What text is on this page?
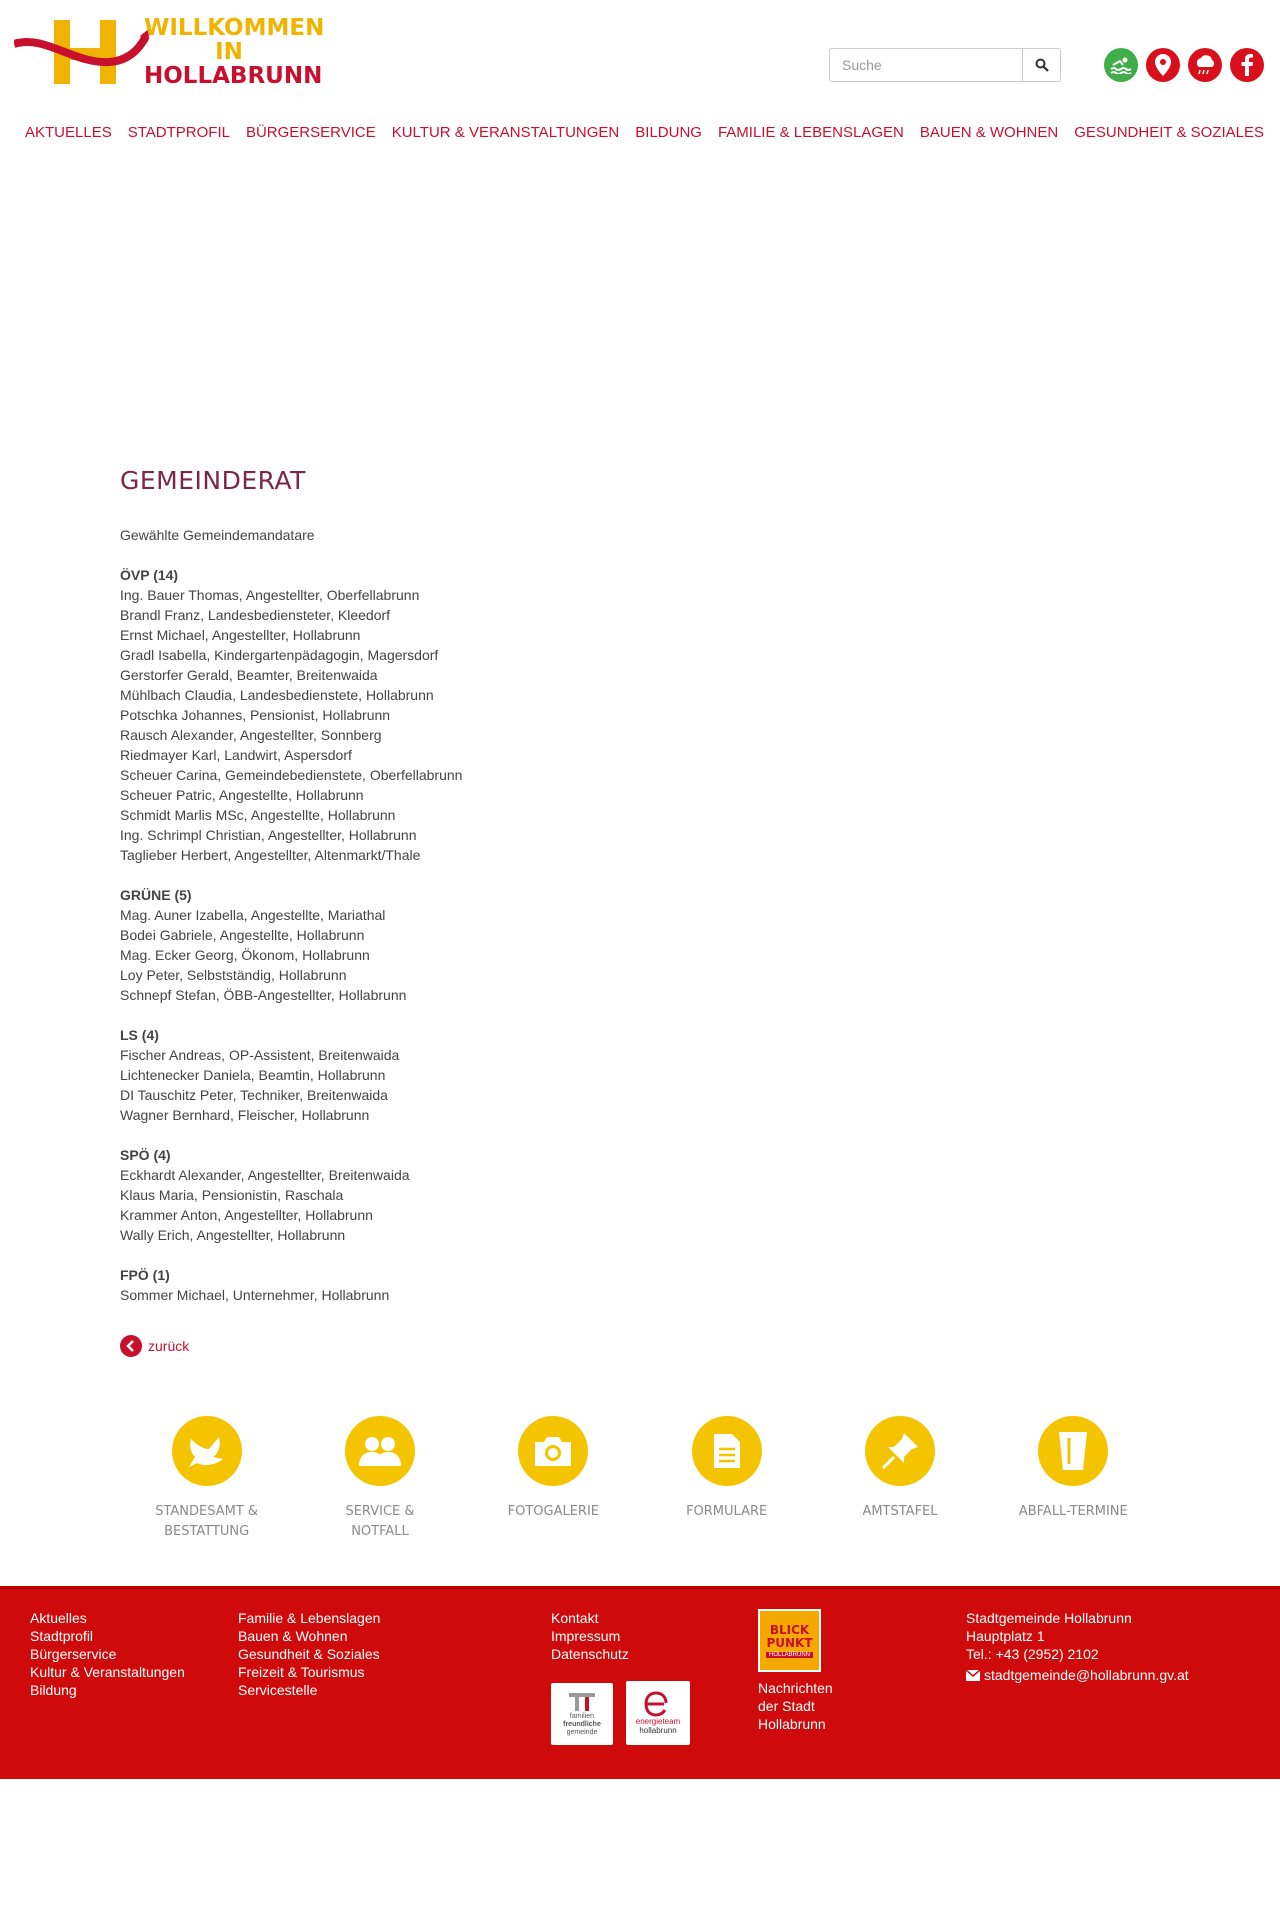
WILLKOMMEN
IN
HOLLABRUNN
Suche
AKTUELLES	STADTPROFIL	BÜRGERSERVICE	KULTUR & VERANSTALTUNGEN	BILDUNG	FAMILIE & LEBENSLAGEN	BAUEN & WOHNEN	GESUNDHEIT & SOZIALES
GEMEINDERAT

Gewählte Gemeindemandatare

ÖVP (14)
Ing. Bauer Thomas, Angestellter, Oberfellabrunn
Brandl Franz, Landesbediensteter, Kleedorf
Ernst Michael, Angestellter, Hollabrunn
Gradl Isabella, Kindergartenpädagogin, Magersdorf
Gerstorfer Gerald, Beamter, Breitenwaida
Mühlbach Claudia, Landesbedienstete, Hollabrunn
Potschka Johannes, Pensionist, Hollabrunn
Rausch Alexander, Angestellter, Sonnberg
Riedmayer Karl, Landwirt, Aspersdorf
Scheuer Carina, Gemeindebedienstete, Oberfellabrunn
Scheuer Patric, Angestellte, Hollabrunn
Schmidt Marlis MSc, Angestellte, Hollabrunn
Ing. Schrimpl Christian, Angestellter, Hollabrunn
Taglieber Herbert, Angestellter, Altenmarkt/Thale
GRÜNE (5)
Mag. Auner Izabella, Angestellte, Mariathal
Bodei Gabriele, Angestellte, Hollabrunn
Mag. Ecker Georg, Ökonom, Hollabrunn
Loy Peter, Selbstständig, Hollabrunn
Schnepf Stefan, ÖBB-Angestellter, Hollabrunn
LS (4)
Fischer Andreas, OP-Assistent, Breitenwaida
Lichtenecker Daniela, Beamtin, Hollabrunn
DI Tauschitz Peter, Techniker, Breitenwaida
Wagner Bernhard, Fleischer, Hollabrunn
SPÖ (4)
Eckhardt Alexander, Angestellter, Breitenwaida
Klaus Maria, Pensionistin, Raschala
Krammer Anton, Angestellter, Hollabrunn
Wally Erich, Angestellter, Hollabrunn
FPÖ (1)
Sommer Michael, Unternehmer, Hollabrunn
zurück
STANDESAMT &
BESTATTUNG
SERVICE &
NOTFALL
FOTOGALERIE	FORMULARE	AMTSTAFEL	ABFALL-TERMINE
Aktuelles
Stadtprofil
Bürgerservice
Kultur & Veranstaltungen
Bildung
Familie & Lebenslagen
Bauen & Wohnen
Gesundheit & Soziales
Freizeit & Tourismus
Servicestelle
Kontakt
Impressum
Datenschutz
familien
freundliche
gemeinde
energieteam
hollabrunn
BLICK
PUNKT
HOLLABRUNN
Nachrichten
der Stadt
Hollabrunn
Stadtgemeinde Hollabrunn
Hauptplatz 1
Tel.: +43 (2952) 2102
stadtgemeinde@hollabrunn.gv.at
